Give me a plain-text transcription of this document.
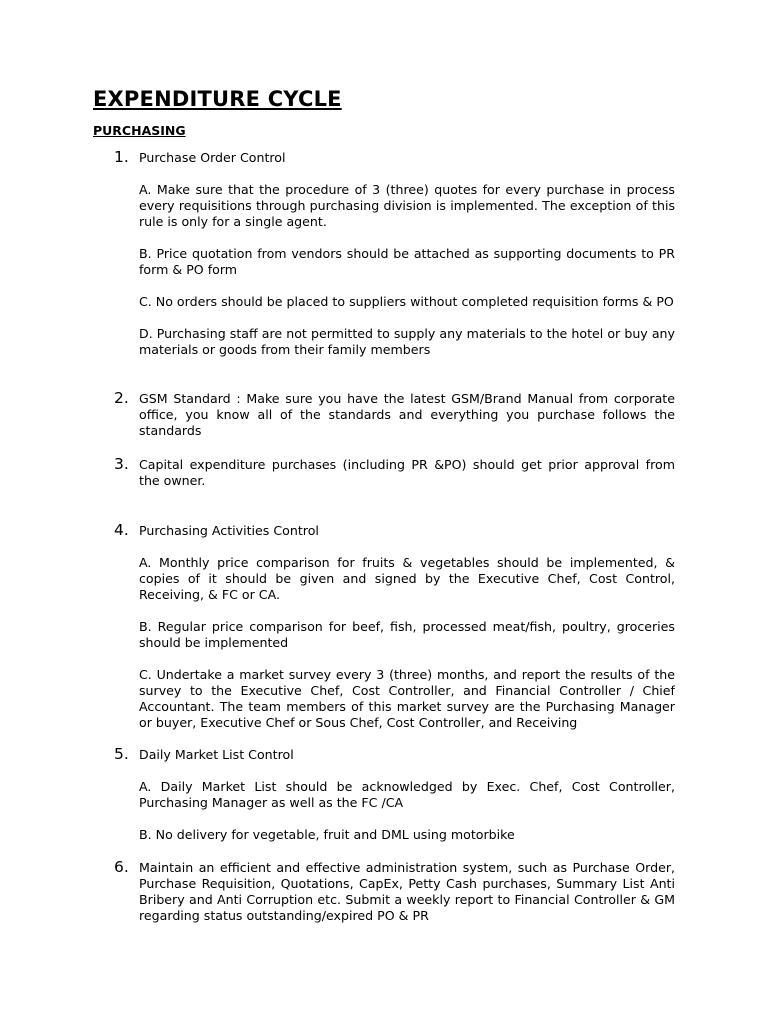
EXPENDITURE CYCLE
PURCHASING
1. Purchase Order Control

A. Make sure that the procedure of 3 (three) quotes for every purchase in process every requisitions through purchasing division is implemented. The exception of this rule is only for a single agent.

B. Price quotation from vendors should be attached as supporting documents to PR form & PO form

C. No orders should be placed to suppliers without completed requisition forms & PO

D. Purchasing staff are not permitted to supply any materials to the hotel or buy any materials or goods from their family members

2. GSM Standard : Make sure you have the latest GSM/Brand Manual from corporate office, you know all of the standards and everything you purchase follows the standards

3. Capital expenditure purchases (including PR &PO) should get prior approval from the owner.

4. Purchasing Activities Control

A. Monthly price comparison for fruits & vegetables should be implemented, & copies of it should be given and signed by the Executive Chef, Cost Control, Receiving, & FC or CA.

B. Regular price comparison for beef, fish, processed meat/fish, poultry, groceries should be implemented

C. Undertake a market survey every 3 (three) months, and report the results of the survey to the Executive Chef, Cost Controller, and Financial Controller / Chief Accountant. The team members of this market survey are the Purchasing Manager or buyer, Executive Chef or Sous Chef, Cost Controller, and Receiving

5. Daily Market List Control

A. Daily Market List should be acknowledged by Exec. Chef, Cost Controller, Purchasing Manager as well as the FC /CA

B. No delivery for vegetable, fruit and DML using motorbike

6. Maintain an efficient and effective administration system, such as Purchase Order, Purchase Requisition, Quotations, CapEx, Petty Cash purchases, Summary List Anti Bribery and Anti Corruption etc. Submit a weekly report to Financial Controller & GM regarding status outstanding/expired PO & PR
